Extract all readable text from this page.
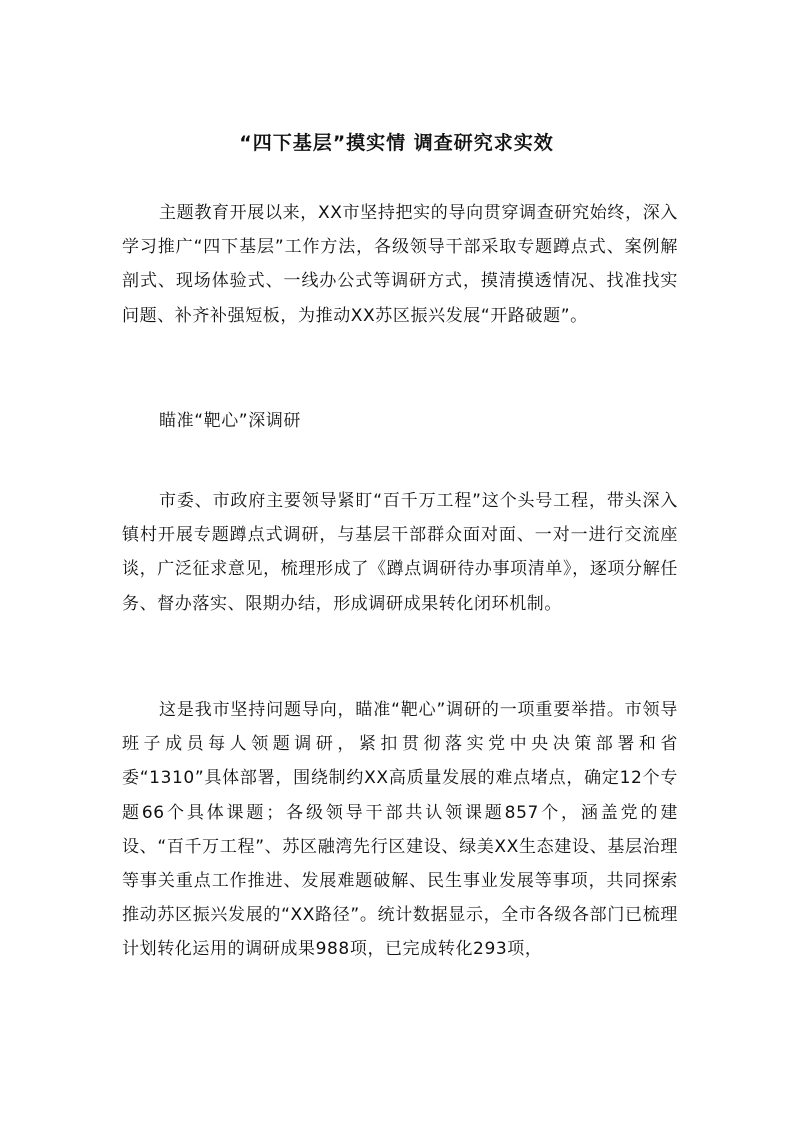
“四下基层”摸实情 调查研究求实效

主题教育开展以来，XX市坚持把实的导向贯穿调查研究始终，深入学习推广“四下基层”工作方法，各级领导干部采取专题蹲点式、案例解剖式、现场体验式、一线办公式等调研方式，摸清摸透情况、找准找实问题、补齐补强短板，为推动XX苏区振兴发展“开路破题”。

瞄准“靶心”深调研

市委、市政府主要领导紧盯“百千万工程”这个头号工程，带头深入镇村开展专题蹲点式调研，与基层干部群众面对面、一对一进行交流座谈，广泛征求意见，梳理形成了《蹲点调研待办事项清单》，逐项分解任务、督办落实、限期办结，形成调研成果转化闭环机制。

这是我市坚持问题导向，瞄准“靶心”调研的一项重要举措。市领导班子成员每人领题调研，紧扣贯彻落实党中央决策部署和省委“1310”具体部署，围绕制约XX高质量发展的难点堵点，确定12个专题66个具体课题；各级领导干部共认领课题857个，涵盖党的建设、“百千万工程”、苏区融湾先行区建设、绿美XX生态建设、基层治理等事关重点工作推进、发展难题破解、民生事业发展等事项，共同探索推动苏区振兴发展的“XX路径”。统计数据显示，全市各级各部门已梳理计划转化运用的调研成果988项，已完成转化293项，
